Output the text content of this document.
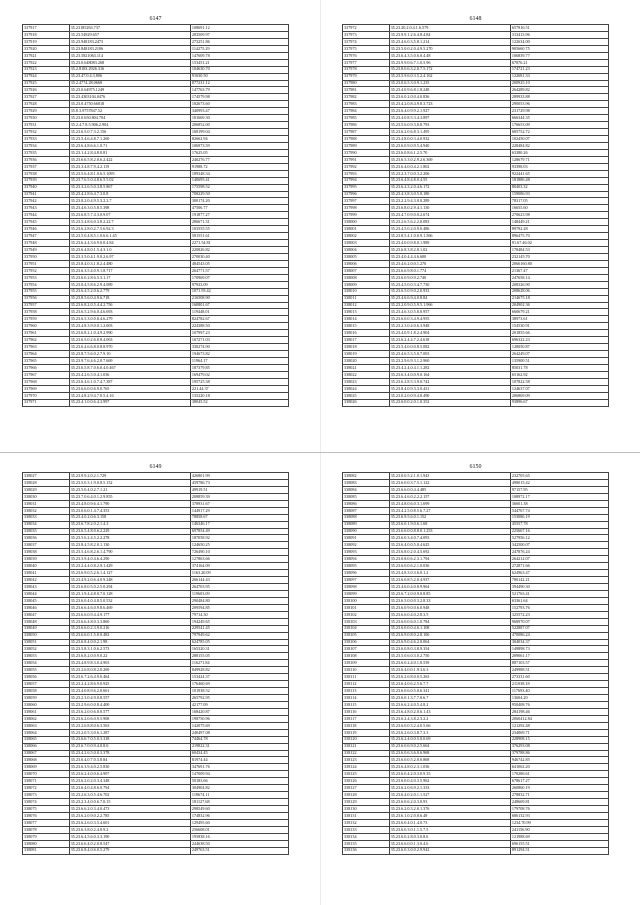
6147
337917	35.23185263.737	108691.12
337918	35.23.54929.657	283509.97
337919	35.23.948183.2473	273251.86
337920	35.23.848183.2106	114275.29
337921	35.23.5821063.114	147609.78
337922	35.23.0.648083.268	153451.21
337923	35.2.8183.2926.316	104630.70
337924	35.23.47.0.4.3.806	91630.50
337925	35.2.4774.28.0668	877231.12
337926	35.23.0.64975.1249	147763.79
337927	35.23.4303104.0476	174579.98
337928	35.23.0.4750.66018	182673.60
337929	35.0.3.9757847.52	340993.47
337930	35.23.0.650.804.704	181669.30
337931	35.2.4.7.8.5.906.2.904	206852.00
337932	35.23.6.5.0.7.3.2.156	168199.04
337933	35.23.5.4.6.4.8.7.1.260	82662.94
337934	35.23.6.4.8.6.6.1.0.71	106973.59
337935	35.23.1.4.2.8.4.8.0.81	17625.05
337936	35.23.6.6.5.8.2.0.6.2.422	240276.77
337937	35.23.3.4.8.7.9.4.2.119	91988.72
337938	35.23.5.6.4.8.1.0.6.5.1095	189348.34
337939	35.23.7.6.5.0.4.8.6.5.5.02	140695.41
337940	35.23.3.2.6.5.0.3.8.5.867	175598.52
337941	35.23.4.2.8.6.4.7.3.0.8	708229.50
337942	35.23.8.2.0.4.9.5.3.2.2.7	300174.20
337943	35.23.4.6.3.0.5.8.5.398	47506.77
337944	35.23.6.8.5.7.4.3.0.9.07	191877.27
337945	35.23.5.4.8.6.0.3.8.2.22.7	286671.31
337946	35.23.6.2.8.0.2.7.5.6.92.3	103555.55
337947	35.23.5.0.4.8.5.1.0.6.6.1.45	581551.61
337948	35.23.6.4.4.3.6.9.0.0.4.84	2271.54.81
337949	35.23.6.4.8.0.1.5.4.3.1.0	220826.82
337950	35.23.3.5.0.4.1.9.0.2.6.97	270030.40
337951	35.23.8.4.0.3.1.8.2.4.480	484543.05
337952	35.23.6.3.5.4.0.9.1.8.717	264771.57
337953	35.23.6.0.2.8.6.5.3.1.17	170969.07
337954	35.23.0.4.5.8.6.2.9.4.089	97933.09
337955	35.23.6.4.5.2.0.6.2.779	1071.93.42
337956	35.23.8.5.6.0.4.9.6.718	216508.90
337957	35.23.6.8.2.0.5.4.4.2.756	160801.67
337958	35.23.6.5.2.9.6.0.4.6.693	119448.01
337959	35.23.6.5.3.0.0.8.4.6.279	824782.67
337960	35.23.4.8.3.9.0.0.1.2.003	224388.50
337961	35.23.6.8.2.1.0.4.9.2.990	107997.23
337962	35.23.6.5.0.2.6.0.8.4.063	167271.03
337963	35.23.6.4.6.6.8.0.8.8.970	330274.90
337964	35.23.8.7.5.6.0.2.7.9.10	194673.82
337965	35.23.9.7.6.4.6.2.0.7.669	11964.17
337966	35.23.6.5.8.7.0.6.0.4.0.467	187379.85
337967	35.23.4.2.6.5.0.4.1.036	169479.02
337968	35.23.6.4.6.1.0.7.4.7.387	195725.38
337969	35.23.6.6.0.0.6.9.0.765	221.44.37
337970	35.23.4.8.2.9.4.7.0.5.4.16	135220.18
337971	35.23.4.1.0.0.6.4.3.997	38045.52
6148
337972	35.23.20.2.0.4.1.6.579	657916.51
337973	35.23.9.9.1.2.6.4.8.4.84	313413.96
337974	35.23.4.6.0.3.5.8.1.214	122634.00
337975	35.23.5.0.0.2.0.4.9.5.270	905660.75
337976	35.23.6.4.3.5.0.6.0.4.48	106839.77
337977	35.23.9.9.0.6.7.1.0.5.96	67876.21
337978	35.23.8.0.6.3.2.0.7.5.172	174721.23
337979	35.23.5.9.6.0.3.5.2.4.162	122681.33
337980	35.23.0.6.5.3.0.9.1.235	200925.10
337981	35.23.4.0.9.6.8.1.8.248	264289.82
337982	35.23.6.0.2.0.0.4.0.836	289933.88
337983	35.23.4.2.0.8.4.9.8.3.723	290053.96
337984	35.23.6.4.0.9.9.2.1.927	231729.98
337985	35.23.4.0.8.5.3.4.3.897	666344.35
337986	35.23.5.6.0.9.3.0.8.793	176653.09
337987	35.23.6.2.0.6.8.3.1.495	685752.72
337988	35.23.4.8.0.0.3.4.0.932	102450.07
337989	35.23.6.0.9.0.9.5.4.940	228484.82
337990	35.23.6.0.8.6.1.2.5.70	63380.26
337991	35.23.6.5.3.0.2.9.2.6.369	128679.71
337992	35.23.6.4.0.0.4.2.1.802	93398.03
337993	35.23.2.3.7.0.0.3.2.206	922441.65
337994	35.23.6.4.8.4.8.0.4.55	181886.48
337995	35.23.6.2.3.2.0.4.6.172	80403.32
337996	35.23.4.3.8.3.0.5.0.180	159086.93
337997	35.23.2.2.9.4.3.0.0.289	78317.05
337998	35.23.6.8.0.2.9.4.1.130	16655.60
337999	35.23.4.7.0.9.0.0.2.674	270623.98
338000	35.23.2.6.5.6.2.2.0.083	148449.21
338001	35.23.4.5.0.2.0.9.0.486	89792.28
338002	35.23.8.5.4.1.0.0.9.1.566	896475.70
338003	35.23.4.0.0.9.8.0.1.989	91.67.46.02
338004	35.23.6.8.3.8.2.0.1.02	178484.53
338005	35.23.4.0.4.4.4.6.600	232145.70
338006	35.23.4.6.2.0.0.1.270	2066160.80
338007	35.23.6.6.9.8.0.1.774	21367.47
338008	35.23.6.0.9.0.9.2.740	247658.14
338009	35.23.4.5.0.0.3.4.7.730	208326.90
338010	35.23.6.5.0.9.0.2.0.933	208628.06
338011	35.23.4.6.6.9.4.0.8.84	214675.18
338012	35.23.2.0.9.0.5.9.5.1.966	204902.36
338013	35.23.4.6.3.0.5.0.0.957	660679.21
338014	35.23.6.0.0.3.4.9.4.955	38973.61
338015	35.23.2.3.0.4.0.6.3.948	154530.91
338016	35.23.4.0.9.1.8.2.4.904	201855.66
338017	35.23.6.2.4.4.7.2.4.618	696322.23
338018	35.23.5.4.0.0.0.8.5.082	128050.87
338019	35.23.4.6.5.3.5.0.7.003	264249.07
338020	35.23.2.9.6.9.3.1.2.960	135900.51
338021	35.23.4.2.4.0.4.1.1.282	85031.78
338022	35.23.6.3.4.0.0.9.0.164	65162.92
338023	35.23.6.2.8.5.3.9.0.742	107822.58
338024	35.23.8.4.0.9.3.3.0.431	124637.07
338025	35.23.0.2.0.0.9.4.0.490	206869.09
338026	35.23.6.0.0.2.0.1.0.352	93896.67
6149
338027	35.23.9.9.2.0.2.1.729	426801.99
338028	35.23.5.0.3.1.9.0.8.5.152	459786.73
338029	35.23.5.0.4.0.2.7.1.21	49919.51
338030	35.23.7.0.6.4.0.1.2.9.855	208859.39
338031	35.23.4.8.0.9.6.4.1.790	378931.67
338032	35.23.0.6.0.1.4.7.4.353	144917.29
338033	35.23.4.0.2.0.6.3.158	78858.67
338034	35.23.6.7.8.2.0.2.1.4.3	146346.17
338035	35.23.6.5.4.8.0.6.2.229	697854.49
338036	35.23.5.6.2.4.5.2.2.278	187058.92
338037	35.23.8.4.5.8.2.0.1.130	124650.25
338038	35.23.5.4.6.8.2.6.1.4.790	726490.10
338039	35.23.3.9.4.0.4.6.4.290	127863.66
338040	35.23.2.4.4.0.8.2.9.1.429	374164.09
338041	35.23.6.9.0.5.2.6.1.4.127	1163.20.09
338042	35.23.4.9.2.0.6.4.0.9.248	266144.43
338043	35.23.6.8.0.5.0.2.5.0.294	264703.95
338044	35.23.1.9.4.4.8.0.7.0.128	119603.09
338045	35.23.6.0.4.0.4.8.5.0.532	290484.80
338046	35.23.6.6.4.6.0.9.8.6.469	209594.85
338047	35.23.6.6.0.9.4.4.9.177	79714.30
338048	35.23.6.6.4.8.0.3.3.860	194249.65
338049	35.23.6.6.0.2.3.9.0.216	229541.45
338050	35.23.6.6.0.1.5.0.0.482	797949.62
338051	35.23.6.8.4.0.0.2.1.98	624785.05
338052	35.23.5.8.3.1.0.6.2.573	165320.31
338053	35.23.6.8.2.0.0.9.0.22	288155.05
338054	35.23.4.8.9.8.3.0.4.903	116271.84
338055	35.23.2.6.8.0.8.2.0.269	849928.82
338056	35.23.6.7.2.6.4.9.0.464	153424.37
338057	35.23.2.4.2.8.6.9.0.925	176460.69
338058	35.23.4.0.8.9.6.2.0.661	101938.52
338059	35.23.2.3.0.4.9.0.8.557	265792.95
338060	35.23.2.9.6.0.0.8.4.400	42177.09
338061	35.23.6.2.0.0.6.0.0.577	168420.87
338062	35.23.6.2.0.6.0.9.5.908	198750.96
338063	35.23.2.6.8.8.0.6.3.563	142075.69
338064	35.23.2.0.5.3.0.6.1.287	240497.08
338065	35.23.6.6.7.0.5.0.3.318	74464.78
338066	35.23.6.7.0.0.9.4.0.8.0	219822.31
338067	35.23.4.2.6.5.0.0.3.378	60434.45
338068	35.23.6.4.0.7.0.3.8.84	81974.44
338069	35.23.6.3.9.4.0.2.5.830	347691.76
338070	35.23.6.2.4.0.0.6.4.907	147009.94
338071	35.23.6.2.0.2.0.3.4.348	50183.66
338072	35.23.6.4.0.4.8.6.0.794	304904.82
338073	35.23.2.6.3.0.5.4.6.702	118674.11
338074	35.23.2.3.4.0.0.6.7.0.15	181127.68
338075	35.23.6.6.2.0.3.4.0.473	298549.60
338076	35.23.6.2.0.9.0.2.2.785	174832.96
338077	35.23.6.2.6.0.3.5.4.601	129495.60
338078	35.23.6.3.8.0.2.4.0.9.2	256608.01
338079	35.23.6.4.5.6.0.3.3.190	195838.16
338080	35.23.6.6.4.0.2.0.8.547	244638.50
338081	35.23.6.8.4.0.6.0.5.279	249763.51
6150
338082	35.23.0.0.5.2.1.0.1.943	232705.65
338083	35.23.6.0.0.3.7.5.1.122	498015.42
338084	35.23.6.6.0.0.4.4.485	97157.95
338085	35.23.6.4.6.0.2.2.2.157	108972.17
338086	35.23.4.8.0.6.0.3.1.699	36601.38
338087	35.23.4.2.5.0.8.5.6.7.27	544767.74
338088	35.23.6.9.5.6.0.1.152	153086.19
338089	35.23.6.0.1.9.0.6.1.68	45557.78
338090	35.23.6.6.0.0.8.8.0.1.253	225667.16
338091	35.23.6.0.3.4.0.7.4.093	527956.12
338092	35.23.6.4.0.0.5.0.4.625	342500.07
338093	35.23.6.8.0.2.0.4.5.692	247876.24
338094	35.23.0.8.0.6.2.3.1.794	264212.07
338095	35.23.6.0.0.6.2.1.0.036	272871.66
338096	35.23.4.8.3.0.3.6.0.1.2	624963.47
338097	35.23.6.0.8.5.2.0.4.937	780142.21
338098	35.23.4.6.0.4.0.8.9.964	394490.30
338099	35.23.6.7.2.0.0.9.0.8.85	521763.41
338100	35.23.6.5.0.0.0.3.2.8.33	63361.64
338101	35.23.6.0.9.0.0.6.0.948	152793.76
338102	35.23.6.6.0.4.0.2.8.3.5	325572.23
338103	35.23.6.0.0.6.0.1.0.784	968970.07
338104	35.23.6.0.0.0.4.6.1.108	522887.07
338105	35.23.6.9.0.8.0.2.8.106	470086.24
338106	35.23.6.9.0.4.6.2.0.064	304034.37
338107	35.23.6.0.8.0.3.8.9.354	149898.73
338108	35.23.5.0.6.0.3.0.2.750	209061.17
338109	35.23.6.0.2.4.0.1.8.539	887103.57
338110	35.23.6.4.0.0.1.9.3.6.3	249988.51
338111	35.23.6.2.6.8.0.0.5.263	273331.60
338112	35.23.6.4.0.6.2.5.6.7.7	211038.18
338113	35.23.6.0.6.0.5.0.6.341	117693.40
338114	35.23.6.0.1.3.7.7.0.6.7	13604.20
338115	35.23.6.6.2.4.0.5.4.8.2	950408.76
338116	35.23.6.4.8.0.2.0.6.1.43	284198.46
338117	35.23.6.2.4.3.8.2.3.2.2	2060412.84
338118	35.23.6.0.0.3.2.4.0.5.66	121292.48
338119	35.23.6.2.6.0.3.8.7.3.3	234069.71
338120	35.23.6.2.4.0.0.5.0.0.69	228908.15
338121	35.23.6.0.6.9.0.2.5.664	376293.08
338122	35.23.6.0.6.3.6.0.6.968	379788.86
338123	35.23.6.0.0.5.2.0.0.868	946742.85
338124	35.23.6.4.8.0.2.3.1.036	641062.20
338125	35.23.6.0.4.2.0.3.0.9.35	170286.61
338126	35.23.6.0.0.4.0.3.5.962	678617.27
338127	35.23.6.2.0.6.9.2.1.333	260860.19
338128	35.23.6.4.0.2.0.1.1.527	278832.71
338129	35.23.6.0.6.2.0.3.0.93	248669.81
338130	35.23.6.2.0.3.2.0.1.376	179708.76
338131	35.23.6.1.0.2.0.0.6.48	686132.93
338132	35.23.6.0.4.0.1.4.0.73	1234.70.99
338133	35.23.6.0.3.0.1.1.5.7.5	241156.90
338134	35.23.6.0.2.8.0.3.0.8.6	121988.69
338135	35.23.6.6.0.0.1.3.0.4.6	696155.51
338136	35.23.6.0.3.0.0.2.9.942	891294.51
